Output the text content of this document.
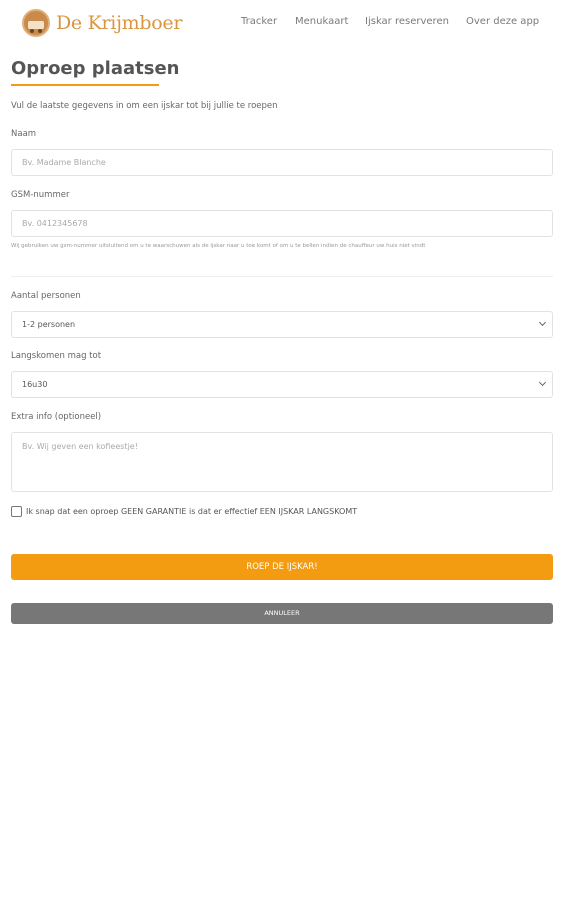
De Krijmboer	Tracker Menukaart Ijskar reserveren Over deze app
Oproep plaatsen

Vul de laatste gegevens in om een ijskar tot bij jullie te roepen

Naam
Bv. Madame Blanche
GSM-nummer
Bv. 0412345678

Wij gebruiken uw gsm-nummer uitsluitend om u te waarschuwen als de ijskar naar u toe komt of om u te bellen indien de chauffeur uw huis niet vindt

Aantal personen
1-2 personen
Langskomen mag tot
16u30
Extra info (optioneel)
Bv. Wij geven een kofieestje!
Ik snap dat een oproep GEEN GARANTIE is dat er effectief EEN IJSKAR LANGSKOMT
ROEP DE IJSKAR!
ANNULEER
